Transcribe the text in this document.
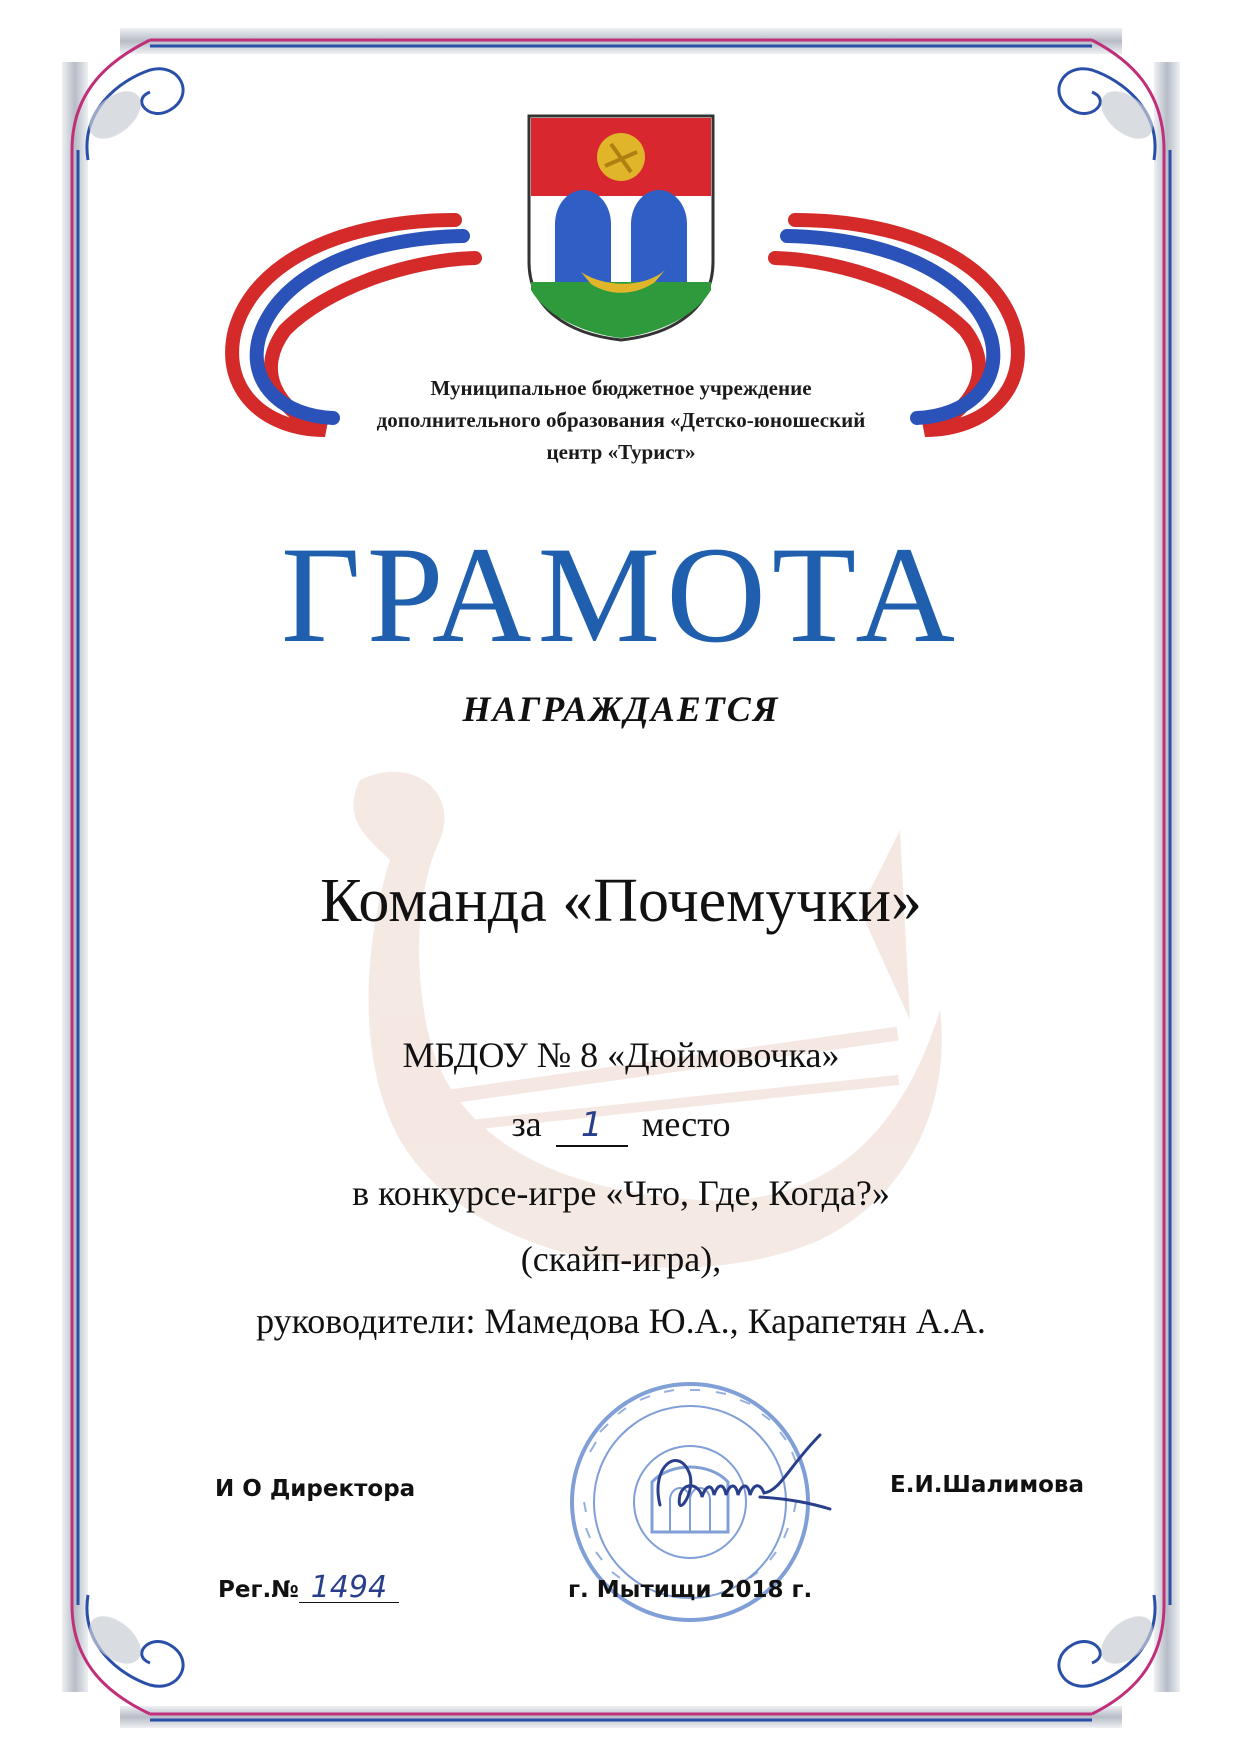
Муниципальное бюджетное учреждение
дополнительного образования «Детско-юношеский
центр «Турист»
ГРАМОТА
НАГРАЖДАЕТСЯ
Команда «Почемучки»
МБДОУ № 8 «Дюймовочка»
за 1 место
в конкурсе-игре «Что, Где, Когда?»
(скайп-игра),
руководители: Мамедова Ю.А., Карапетян А.А.
И О Директора	Е.И.Шалимова
Рег.№ 1494	г. Мытищи 2018 г.
